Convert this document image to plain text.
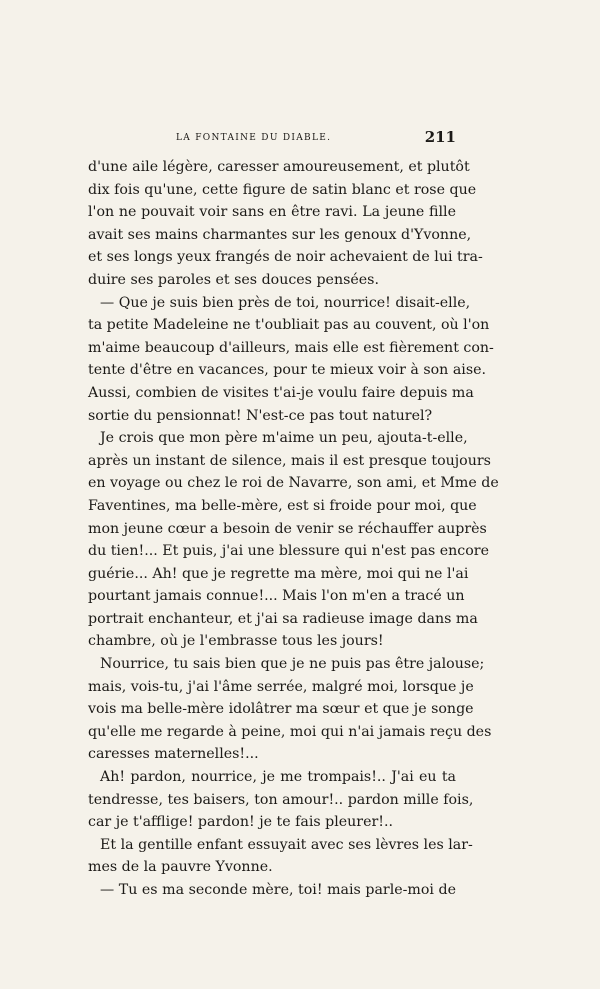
LA FONTAINE DU DIABLE.	211
d'une aile légère, caresser amoureusement, et plutôt
dix fois qu'une, cette figure de satin blanc et rose que
l'on ne pouvait voir sans en être ravi. La jeune fille
avait ses mains charmantes sur les genoux d'Yvonne,
et ses longs yeux frangés de noir achevaient de lui tra-
duire ses paroles et ses douces pensées.
— Que je suis bien près de toi, nourrice! disait-elle,
ta petite Madeleine ne t'oubliait pas au couvent, où l'on
m'aime beaucoup d'ailleurs, mais elle est fièrement con-
tente d'être en vacances, pour te mieux voir à son aise.
Aussi, combien de visites t'ai-je voulu faire depuis ma
sortie du pensionnat! N'est-ce pas tout naturel?
Je crois que mon père m'aime un peu, ajouta-t-elle,
après un instant de silence, mais il est presque toujours
en voyage ou chez le roi de Navarre, son ami, et Mme de
Faventines, ma belle-mère, est si froide pour moi, que
mon jeune cœur a besoin de venir se réchauffer auprès
du tien!... Et puis, j'ai une blessure qui n'est pas encore
guérie... Ah! que je regrette ma mère, moi qui ne l'ai
pourtant jamais connue!... Mais l'on m'en a tracé un
portrait enchanteur, et j'ai sa radieuse image dans ma
chambre, où je l'embrasse tous les jours!
Nourrice, tu sais bien que je ne puis pas être jalouse;
mais, vois-tu, j'ai l'âme serrée, malgré moi, lorsque je
vois ma belle-mère idolâtrer ma sœur et que je songe
qu'elle me regarde à peine, moi qui n'ai jamais reçu des
caresses maternelles!...
Ah! pardon, nourrice, je me trompais!.. J'ai eu ta
tendresse, tes baisers, ton amour!.. pardon mille fois,
car je t'afflige! pardon! je te fais pleurer!..
Et la gentille enfant essuyait avec ses lèvres les lar-
mes de la pauvre Yvonne.
— Tu es ma seconde mère, toi! mais parle-moi de
